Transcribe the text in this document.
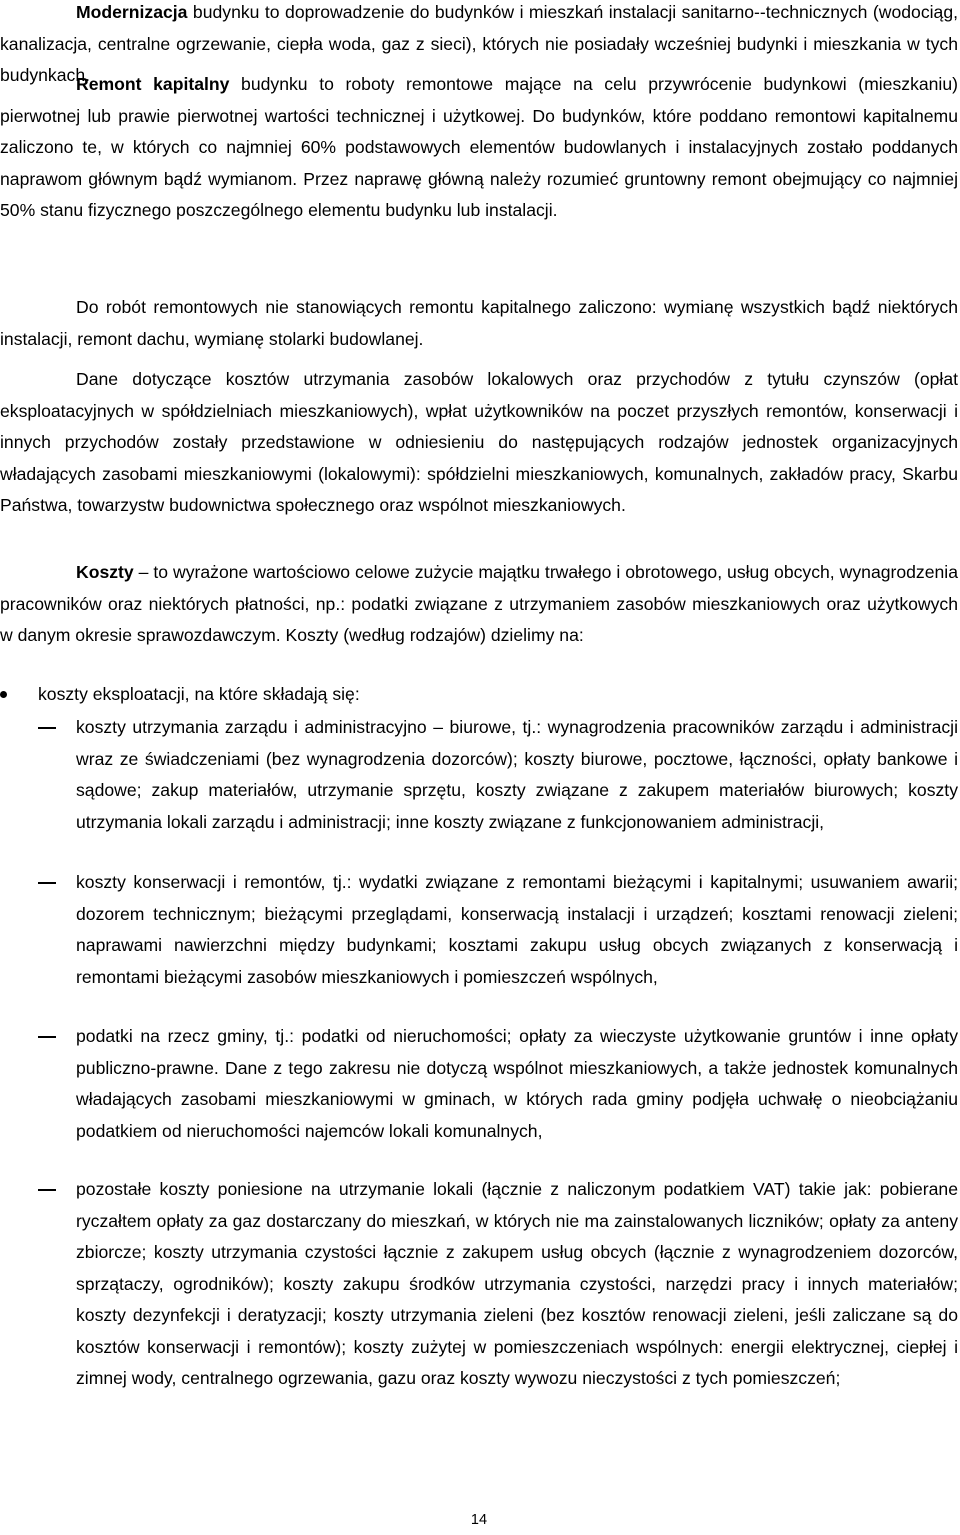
Modernizacja budynku to doprowadzenie do budynków i mieszkań instalacji sanitarno--technicznych (wodociąg, kanalizacja, centralne ogrzewanie, ciepła woda, gaz z sieci), których nie posiadały wcześniej budynki i mieszkania w tych budynkach.

Remont kapitalny budynku to roboty remontowe mające na celu przywrócenie budynkowi (mieszkaniu) pierwotnej lub prawie pierwotnej wartości technicznej i użytkowej. Do budynków, które poddano remontowi kapitalnemu zaliczono te, w których co najmniej 60% podstawowych elementów budowlanych i instalacyjnych zostało poddanych naprawom głównym bądź wymianom. Przez naprawę główną należy rozumieć gruntowny remont obejmujący co najmniej 50% stanu fizycznego poszczególnego elementu budynku lub instalacji.

Do robót remontowych nie stanowiących remontu kapitalnego zaliczono: wymianę wszystkich bądź niektórych instalacji, remont dachu, wymianę stolarki budowlanej.

Dane dotyczące kosztów utrzymania zasobów lokalowych oraz przychodów z tytułu czynszów (opłat eksploatacyjnych w spółdzielniach mieszkaniowych), wpłat użytkowników na poczet przyszłych remontów, konserwacji i innych przychodów zostały przedstawione w odniesieniu do następujących rodzajów jednostek organizacyjnych władających zasobami mieszkaniowymi (lokalowymi): spółdzielni mieszkaniowych, komunalnych, zakładów pracy, Skarbu Państwa, towarzystw budownictwa społecznego oraz wspólnot mieszkaniowych.

Koszty – to wyrażone wartościowo celowe zużycie majątku trwałego i obrotowego, usług obcych, wynagrodzenia pracowników oraz niektórych płatności, np.: podatki związane z utrzymaniem zasobów mieszkaniowych oraz użytkowych w danym okresie sprawozdawczym. Koszty (według rodzajów) dzielimy na:

koszty eksploatacji, na które składają się:

koszty utrzymania zarządu i administracyjno – biurowe, tj.: wynagrodzenia pracowników zarządu i administracji wraz ze świadczeniami (bez wynagrodzenia dozorców); koszty biurowe, pocztowe, łączności, opłaty bankowe i sądowe; zakup materiałów, utrzymanie sprzętu, koszty związane z zakupem materiałów biurowych; koszty utrzymania lokali zarządu i administracji; inne koszty związane z funkcjonowaniem administracji,

koszty konserwacji i remontów, tj.: wydatki związane z remontami bieżącymi i kapitalnymi; usuwaniem awarii; dozorem technicznym; bieżącymi przeglądami, konserwacją instalacji i urządzeń; kosztami renowacji zieleni; naprawami nawierzchni między budynkami; kosztami zakupu usług obcych związanych z konserwacją i remontami bieżącymi zasobów mieszkaniowych i pomieszczeń wspólnych,

podatki na rzecz gminy, tj.: podatki od nieruchomości; opłaty za wieczyste użytkowanie gruntów i inne opłaty publiczno-prawne. Dane z tego zakresu nie dotyczą wspólnot mieszkaniowych, a także jednostek komunalnych władających zasobami mieszkaniowymi w gminach, w których rada gminy podjęła uchwałę o nieobciążaniu podatkiem od nieruchomości najemców lokali komunalnych,

pozostałe koszty poniesione na utrzymanie lokali (łącznie z naliczonym podatkiem VAT) takie jak: pobierane ryczałtem opłaty za gaz dostarczany do mieszkań, w których nie ma zainstalowanych liczników; opłaty za anteny zbiorcze; koszty utrzymania czystości łącznie z zakupem usług obcych (łącznie z wynagrodzeniem dozorców, sprzątaczy, ogrodników); koszty zakupu środków utrzymania czystości, narzędzi pracy i innych materiałów; koszty dezynfekcji i deratyzacji; koszty utrzymania zieleni (bez kosztów renowacji zieleni, jeśli zaliczane są do kosztów konserwacji i remontów); koszty zużytej w pomieszczeniach wspólnych: energii elektrycznej, ciepłej i zimnej wody, centralnego ogrzewania, gazu oraz koszty wywozu nieczystości z tych pomieszczeń;

14
